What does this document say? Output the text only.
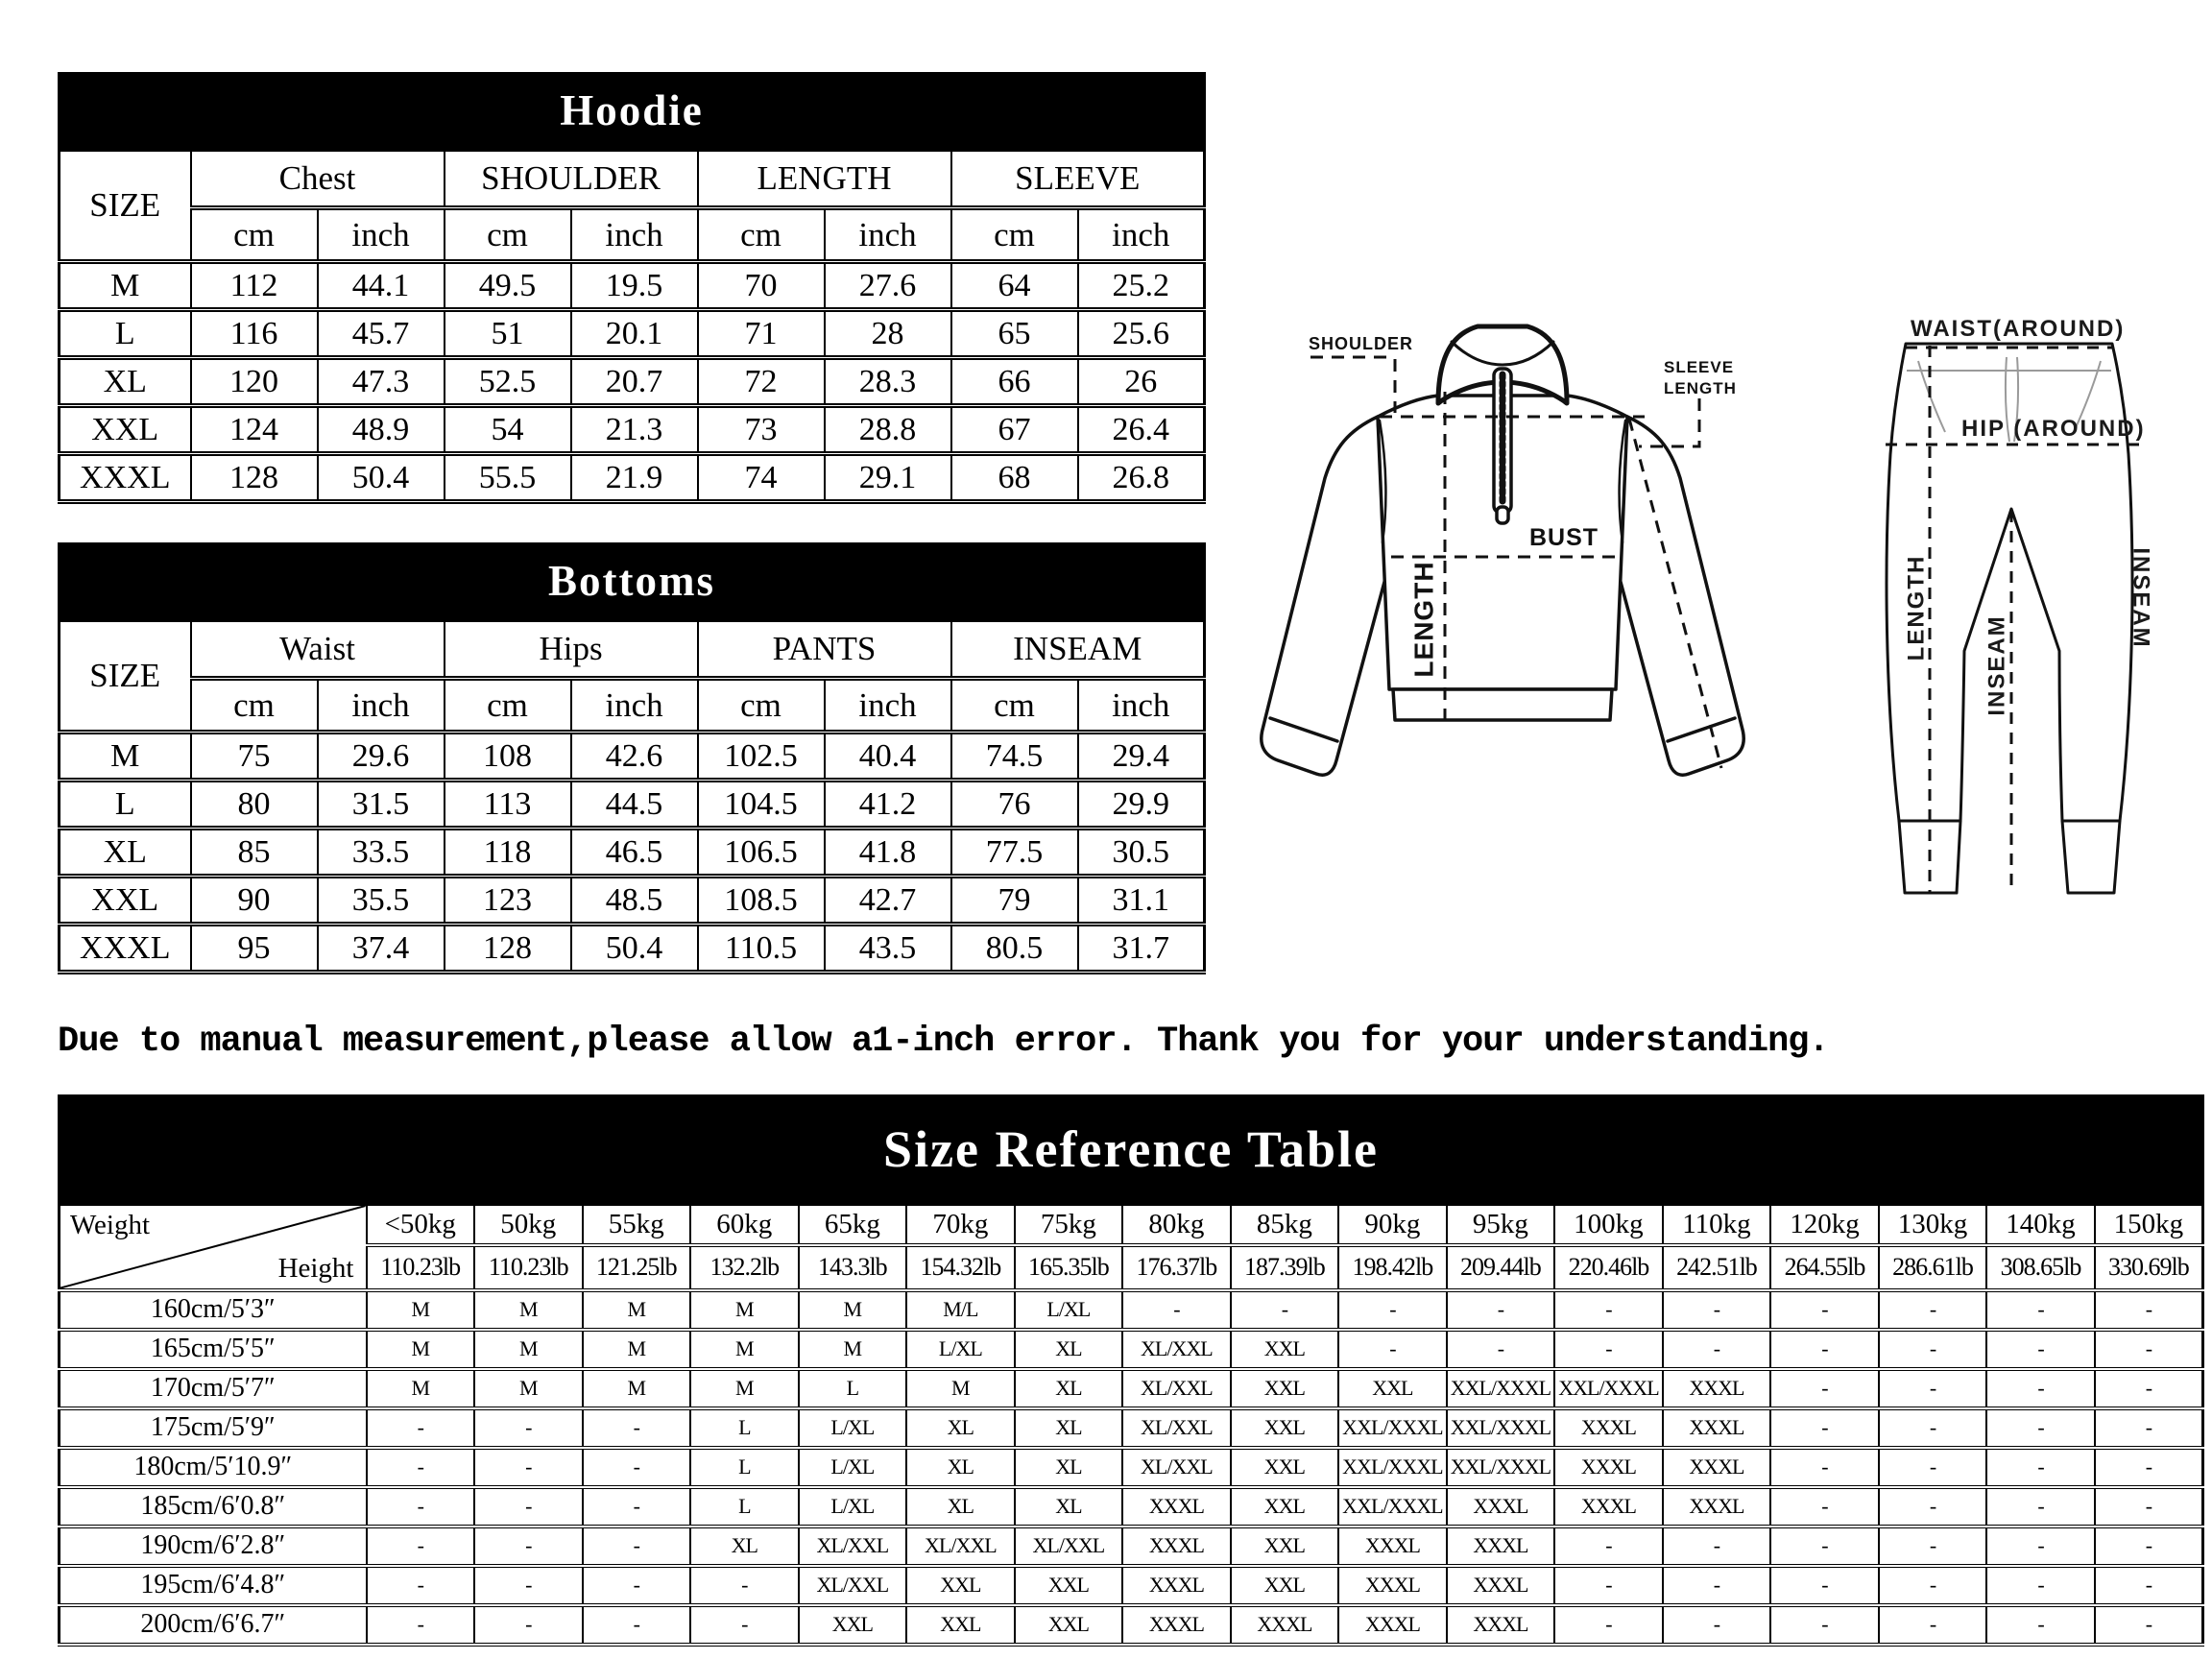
Hoodie
SIZE	Chest		SHOULDER		LENGTH		SLEEVE	
	cm	inch	cm	inch	cm	inch	cm	inch
M	112	44.1	49.5	19.5	70	27.6	64	25.2
L	116	45.7	51	20.1	71	28	65	25.6
XL	120	47.3	52.5	20.7	72	28.3	66	26
XXL	124	48.9	54	21.3	73	28.8	67	26.4
XXXL	128	50.4	55.5	21.9	74	29.1	68	26.8
Bottoms
SIZE	Waist		Hips		PANTS		INSEAM	
	cm	inch	cm	inch	cm	inch	cm	inch
M	75	29.6	108	42.6	102.5	40.4	74.5	29.4
L	80	31.5	113	44.5	104.5	41.2	76	29.9
XL	85	33.5	118	46.5	106.5	41.8	77.5	30.5
XXL	90	35.5	123	48.5	108.5	42.7	79	31.1
XXXL	95	37.4	128	50.4	110.5	43.5	80.5	31.7
SHOULDER
SLEEVE
LENGTH
BUST
LENGTH
WAIST(AROUND)
HIP (AROUND)
LENGTH
INSEAM
INSEAM
Due to manual measurement,please allow a1-inch error. Thank you for your understanding.
Size Reference Table
Weight
Height	<50kg	50kg	55kg	60kg	65kg	70kg	75kg	80kg	85kg	90kg	95kg	100kg	110kg	120kg	130kg	140kg	150kg
	110.23lb	110.23lb	121.25lb	132.2lb	143.3lb	154.32lb	165.35lb	176.37lb	187.39lb	198.42lb	209.44lb	220.46lb	242.51lb	264.55lb	286.61lb	308.65lb	330.69lb
160cm/5′3″	M	M	M	M	M	M/L	L/XL	-	-	-	-	-	-	-	-	-	-
165cm/5′5″	M	M	M	M	M	L/XL	XL	XL/XXL	XXL	-	-	-	-	-	-	-	-
170cm/5′7″	M	M	M	M	L	M	XL	XL/XXL	XXL	XXL	XXL/XXXL	XXL/XXXL	XXXL	-	-	-	-
175cm/5′9″	-	-	-	L	L/XL	XL	XL	XL/XXL	XXL	XXL/XXXL	XXL/XXXL	XXXL	XXXL	-	-	-	-
180cm/5′10.9″	-	-	-	L	L/XL	XL	XL	XL/XXL	XXL	XXL/XXXL	XXL/XXXL	XXXL	XXXL	-	-	-	-
185cm/6′0.8″	-	-	-	L	L/XL	XL	XL	XXXL	XXL	XXL/XXXL	XXXL	XXXL	XXXL	-	-	-	-
190cm/6′2.8″	-	-	-	XL	XL/XXL	XL/XXL	XL/XXL	XXXL	XXL	XXXL	XXXL	-	-	-	-	-	-
195cm/6′4.8″	-	-	-	-	XL/XXL	XXL	XXL	XXXL	XXL	XXXL	XXXL	-	-	-	-	-	-
200cm/6′6.7″	-	-	-	-	XXL	XXL	XXL	XXXL	XXXL	XXXL	XXXL	-	-	-	-	-	-
